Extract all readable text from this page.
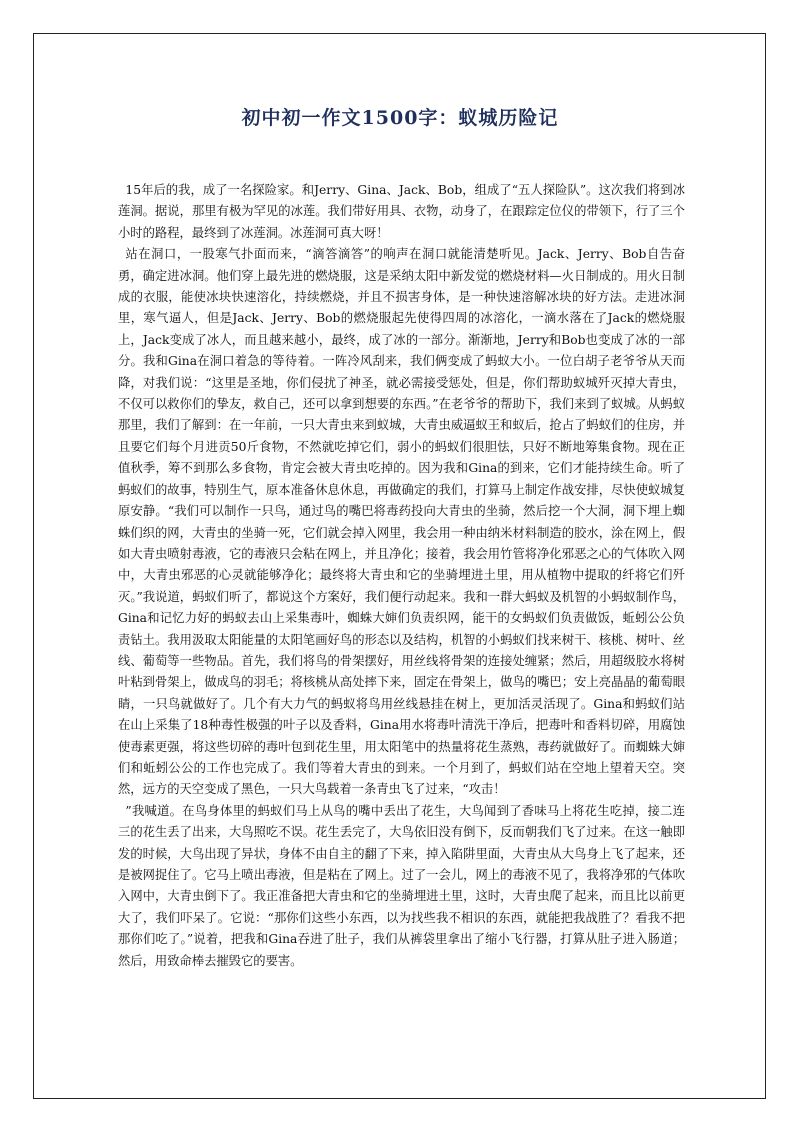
初中初一作文1500字：蚁城历险记

15年后的我，成了一名探险家。和Jerry、Gina、Jack、Bob，组成了“五人探险队”。这次我们将到冰莲洞。据说，那里有极为罕见的冰莲。我们带好用具、衣物，动身了，在跟踪定位仪的带领下，行了三个小时的路程，最终到了冰莲洞。冰莲洞可真大呀！

站在洞口，一股寒气扑面而来，“滴答滴答”的响声在洞口就能清楚听见。Jack、Jerry、Bob自告奋勇，确定进冰洞。他们穿上最先进的燃烧服，这是采纳太阳中新发觉的燃烧材料—火日制成的。用火日制成的衣服，能使冰块快速溶化，持续燃烧，并且不损害身体，是一种快速溶解冰块的好方法。走进冰洞里，寒气逼人，但是Jack、Jerry、Bob的燃烧服起先使得四周的冰溶化，一滴水落在了Jack的燃烧服上，Jack变成了冰人，而且越来越小，最终，成了冰的一部分。渐渐地，Jerry和Bob也变成了冰的一部分。我和Gina在洞口着急的等待着。一阵冷风刮来，我们俩变成了蚂蚁大小。一位白胡子老爷爷从天而降，对我们说：“这里是圣地，你们侵扰了神圣，就必需接受惩处，但是，你们帮助蚁城歼灭掉大青虫，不仅可以救你们的挚友，救自己，还可以拿到想要的东西。”在老爷爷的帮助下，我们来到了蚁城。从蚂蚁那里，我们了解到：在一年前，一只大青虫来到蚁城，大青虫威逼蚁王和蚁后，抢占了蚂蚁们的住房，并且要它们每个月进贡50斤食物，不然就吃掉它们，弱小的蚂蚁们很胆怯，只好不断地筹集食物。现在正值秋季，筹不到那么多食物，肯定会被大青虫吃掉的。因为我和Gina的到来，它们才能持续生命。听了蚂蚁们的故事，特别生气，原本准备休息休息，再做确定的我们，打算马上制定作战安排，尽快使蚁城复原安静。“我们可以制作一只鸟，通过鸟的嘴巴将毒药投向大青虫的坐骑，然后挖一个大洞，洞下埋上蜘蛛们织的网，大青虫的坐骑一死，它们就会掉入网里，我会用一种由纳米材料制造的胶水，涂在网上，假如大青虫喷射毒液，它的毒液只会粘在网上，并且净化；接着，我会用竹管将净化邪恶之心的气体吹入网中，大青虫邪恶的心灵就能够净化；最终将大青虫和它的坐骑埋进土里，用从植物中提取的纤将它们歼灭。”我说道，蚂蚁们听了，都说这个方案好，我们便行动起来。我和一群大蚂蚁及机智的小蚂蚁制作鸟，Gina和记忆力好的蚂蚁去山上采集毒叶，蜘蛛大婶们负责织网，能干的女蚂蚁们负责做饭，蚯蚓公公负责钻土。我用汲取太阳能量的太阳笔画好鸟的形态以及结构，机智的小蚂蚁们找来树干、核桃、树叶、丝线、葡萄等一些物品。首先，我们将鸟的骨架摆好，用丝线将骨架的连接处缠紧；然后，用超级胶水将树叶粘到骨架上，做成鸟的羽毛；将核桃从高处摔下来，固定在骨架上，做鸟的嘴巴；安上亮晶晶的葡萄眼睛，一只鸟就做好了。几个有大力气的蚂蚁将鸟用丝线悬挂在树上，更加活灵活现了。Gina和蚂蚁们站在山上采集了18种毒性极强的叶子以及香料，Gina用水将毒叶清洗干净后，把毒叶和香料切碎，用腐蚀使毒素更强，将这些切碎的毒叶包到花生里，用太阳笔中的热量将花生蒸熟，毒药就做好了。而蜘蛛大婶们和蚯蚓公公的工作也完成了。我们等着大青虫的到来。一个月到了，蚂蚁们站在空地上望着天空。突然，远方的天空变成了黑色，一只大鸟载着一条青虫飞了过来，“攻击！

”我喊道。在鸟身体里的蚂蚁们马上从鸟的嘴中丢出了花生，大鸟闻到了香味马上将花生吃掉，接二连三的花生丢了出来，大鸟照吃不误。花生丢完了，大鸟依旧没有倒下，反而朝我们飞了过来。在这一触即发的时候，大鸟出现了异状，身体不由自主的翻了下来，掉入陷阱里面，大青虫从大鸟身上飞了起来，还是被网捉住了。它马上喷出毒液，但是粘在了网上。过了一会儿，网上的毒液不见了，我将净邪的气体吹入网中，大青虫倒下了。我正准备把大青虫和它的坐骑埋进土里，这时，大青虫爬了起来，而且比以前更大了，我们吓呆了。它说：“那你们这些小东西，以为找些我不相识的东西，就能把我战胜了？看我不把那你们吃了。”说着，把我和Gina吞进了肚子，我们从裤袋里拿出了缩小飞行器，打算从肚子进入肠道；然后，用致命棒去摧毁它的要害。
